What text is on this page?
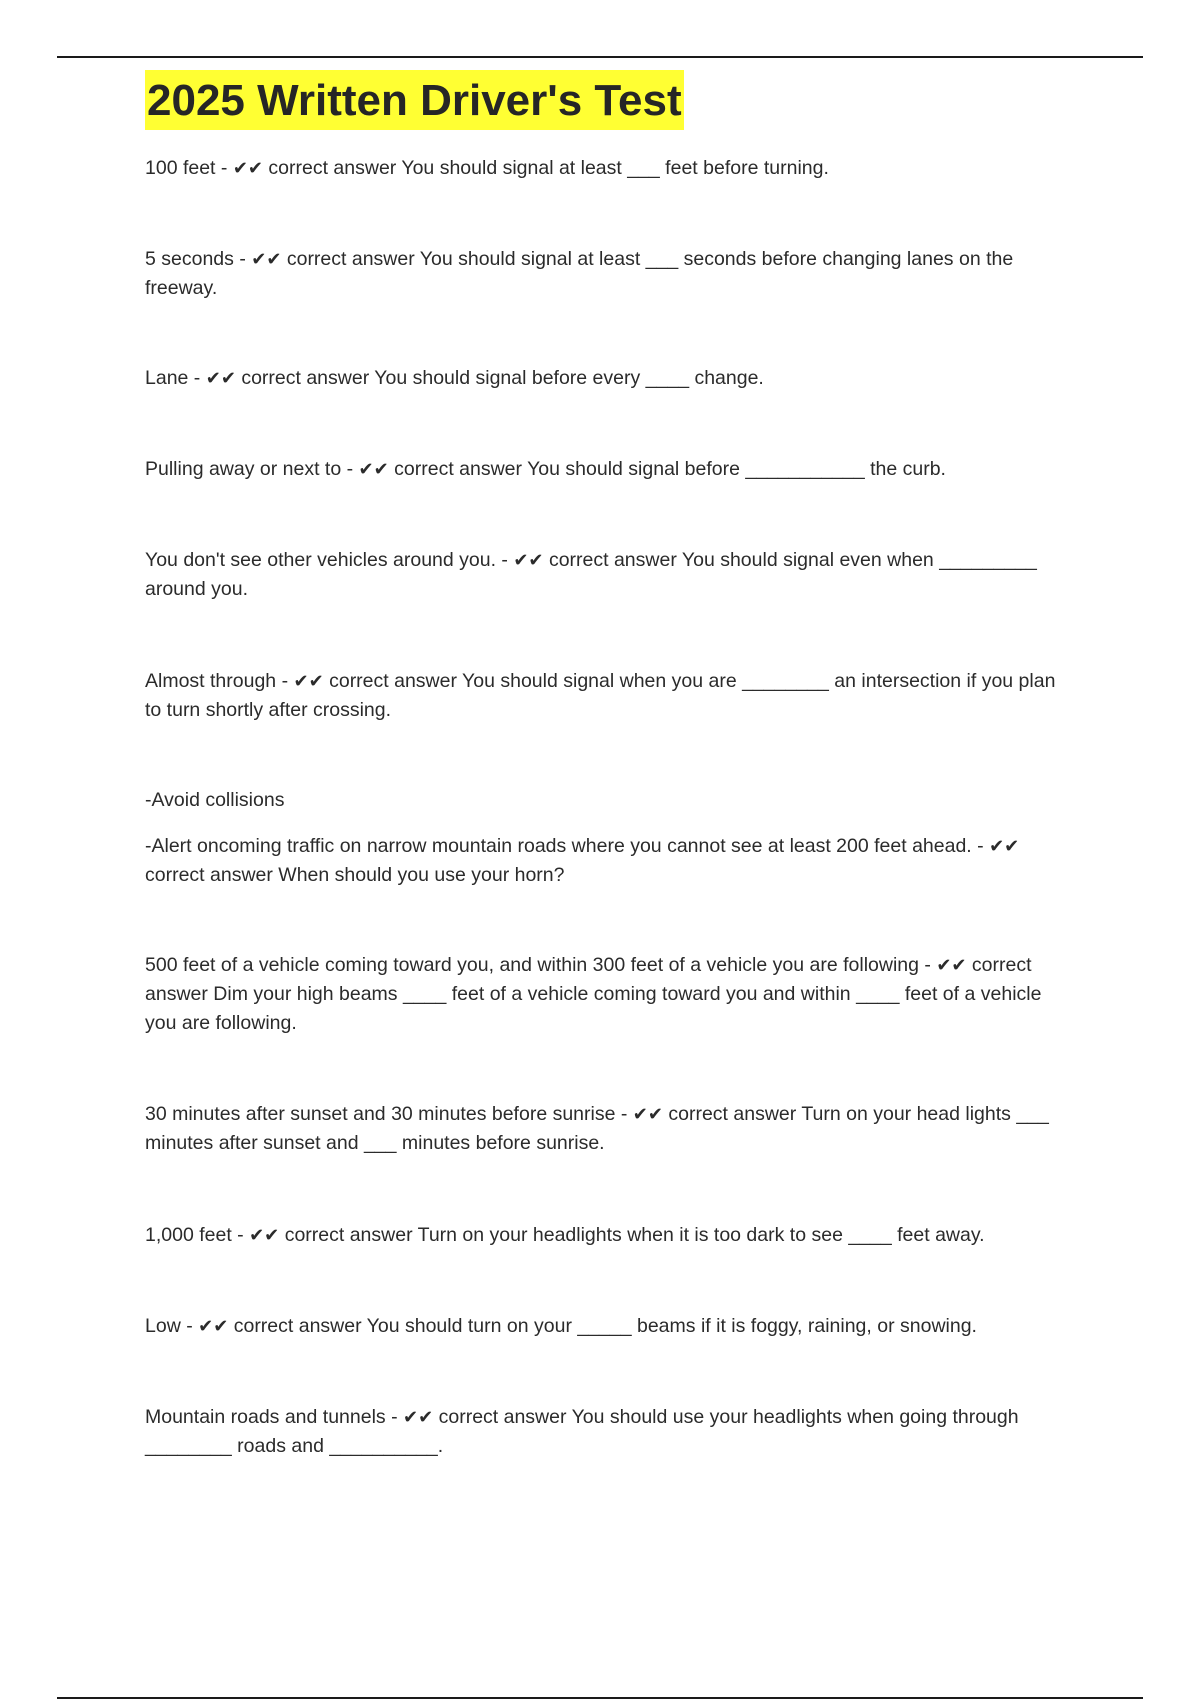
2025 Written Driver's Test

100 feet - ✔✔ correct answer You should signal at least ___ feet before turning.

5 seconds - ✔✔ correct answer You should signal at least ___ seconds before changing lanes on the freeway.

Lane - ✔✔ correct answer You should signal before every ____ change.

Pulling away or next to - ✔✔ correct answer You should signal before ___________ the curb.

You don't see other vehicles around you. - ✔✔ correct answer You should signal even when _________ around you.

Almost through - ✔✔ correct answer You should signal when you are ________ an intersection if you plan to turn shortly after crossing.

-Avoid collisions
-Alert oncoming traffic on narrow mountain roads where you cannot see at least 200 feet ahead. - ✔✔ correct answer When should you use your horn?

500 feet of a vehicle coming toward you, and within 300 feet of a vehicle you are following - ✔✔ correct answer Dim your high beams ____ feet of a vehicle coming toward you and within ____ feet of a vehicle you are following.

30 minutes after sunset and 30 minutes before sunrise - ✔✔ correct answer Turn on your head lights ___ minutes after sunset and ___ minutes before sunrise.

1,000 feet - ✔✔ correct answer Turn on your headlights when it is too dark to see ____ feet away.

Low - ✔✔ correct answer You should turn on your _____ beams if it is foggy, raining, or snowing.

Mountain roads and tunnels - ✔✔ correct answer You should use your headlights when going through ________ roads and __________.
